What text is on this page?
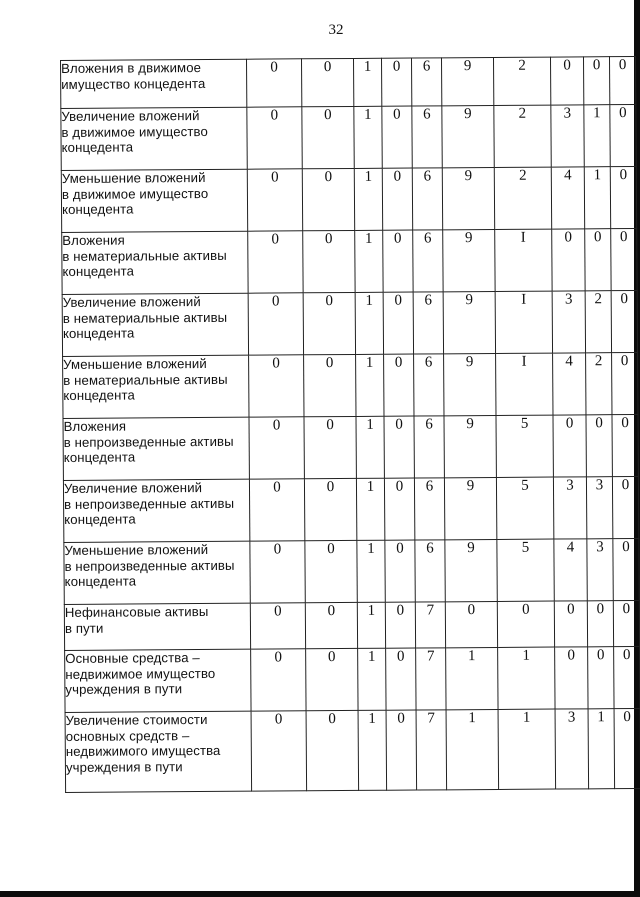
32
Вложения в движимое
имущество концедента	0	0	1	0	6	9	2	0	0	0
Увеличение вложений
в движимое имущество
концедента	0	0	1	0	6	9	2	3	1	0
Уменьшение вложений
в движимое имущество
концедента	0	0	1	0	6	9	2	4	1	0
Вложения
в нематериальные активы
концедента	0	0	1	0	6	9	I	0	0	0
Увеличение вложений
в нематериальные активы
концедента	0	0	1	0	6	9	I	3	2	0
Уменьшение вложений
в нематериальные активы
концедента	0	0	1	0	6	9	I	4	2	0
Вложения
в непроизведенные активы
концедента	0	0	1	0	6	9	5	0	0	0
Увеличение вложений
в непроизведенные активы
концедента	0	0	1	0	6	9	5	3	3	0
Уменьшение вложений
в непроизведенные активы
концедента	0	0	1	0	6	9	5	4	3	0
Нефинансовые активы
в пути	0	0	1	0	7	0	0	0	0	0
Основные средства –
недвижимое имущество
учреждения в пути	0	0	1	0	7	1	1	0	0	0
Увеличение стоимости
основных средств –
недвижимого имущества
учреждения в пути	0	0	1	0	7	1	1	3	1	0
